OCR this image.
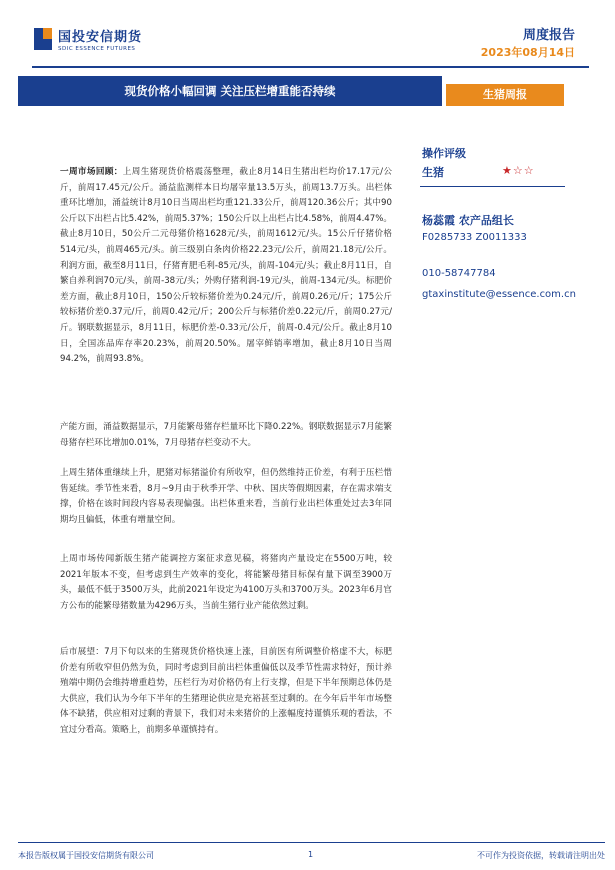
国投安信期货
SDIC ESSENCE FUTURES
周度报告
2023年08月14日
现货价格小幅回调 关注压栏增重能否持续	生猪周报
操作评级
生猪	★☆☆
杨蕊霞 农产品组长
F0285733 Z0011333
010-58747784
gtaxinstitute@essence.com.cn

一周市场回顾：上周生猪现货价格震荡整理，截止8月14日生猪出栏均价17.17元/公斤，前周17.45元/公斤。涌益监测样本日均屠宰量13.5万头，前周13.7万头。出栏体重环比增加，涌益统计8月10日当周出栏均重121.33公斤，前周120.36公斤；其中90公斤以下出栏占比5.42%，前周5.37%；150公斤以上出栏占比4.58%，前周4.47%。截止8月10日，50公斤二元母猪价格1628元/头，前周1612元/头。15公斤仔猪价格514元/头，前周465元/头。前三级别白条肉价格22.23元/公斤，前周21.18元/公斤。利润方面，截至8月11日，仔猪育肥毛利-85元/头，前周-104元/头；截止8月11日，自繁自养利润70元/头，前周-38元/头；外购仔猪利润-19元/头，前周-134元/头。标肥价差方面，截止8月10日，150公斤较标猪价差为0.24元/斤，前周0.26元/斤；175公斤较标猪价差0.37元/斤，前周0.42元/斤；200公斤与标猪价差0.22元/斤，前周0.27元/斤。钢联数据显示，8月11日，标肥价差-0.33元/公斤，前周-0.4元/公斤。截止8月10日，全国冻品库存率20.23%，前周20.50%。屠宰鲜销率增加，截止8月10日当周94.2%，前周93.8%。

产能方面，涌益数据显示，7月能繁母猪存栏量环比下降0.22%。钢联数据显示7月能繁母猪存栏环比增加0.01%，7月母猪存栏变动不大。

上周生猪体重继续上升，肥猪对标猪溢价有所收窄，但仍然维持正价差，有利于压栏惜售延续。季节性来看，8月~9月由于秋季开学、中秋、国庆等假期因素，存在需求端支撑，价格在该时间段内容易表现偏强。出栏体重来看，当前行业出栏体重处过去3年同期均且偏低，体重有增量空间。

上周市场传闻新版生猪产能调控方案征求意见稿，将猪肉产量设定在5500万吨，较2021年版本不变，但考虑到生产效率的变化，将能繁母猪目标保有量下调至3900万头，最低不低于3500万头，此前2021年设定为4100万头和3700万头。2023年6月官方公布的能繁母猪数量为4296万头，当前生猪行业产能依然过剩。

后市展望：7月下旬以来的生猪现货价格快速上涨，目前医有所调整价格虚不大，标肥价差有所收窄但仍然为负，同时考虑到目前出栏体重偏低以及季节性需求特好，预计养殖端中期仍会维持增重趋势，压栏行为对价格仍有上行支撑，但是下半年预期总体仍是大供应，我们认为今年下半年的生猪理论供应是充裕甚至过剩的。在今年后半年市场整体不缺猪，供应相对过剩的背景下，我们对未来猪价的上涨幅度持谨慎乐观的看法，不宜过分看高。策略上，前期多单谨慎持有。

本报告版权属于国投安信期货有限公司	1	不可作为投资依据，转载请注明出处
